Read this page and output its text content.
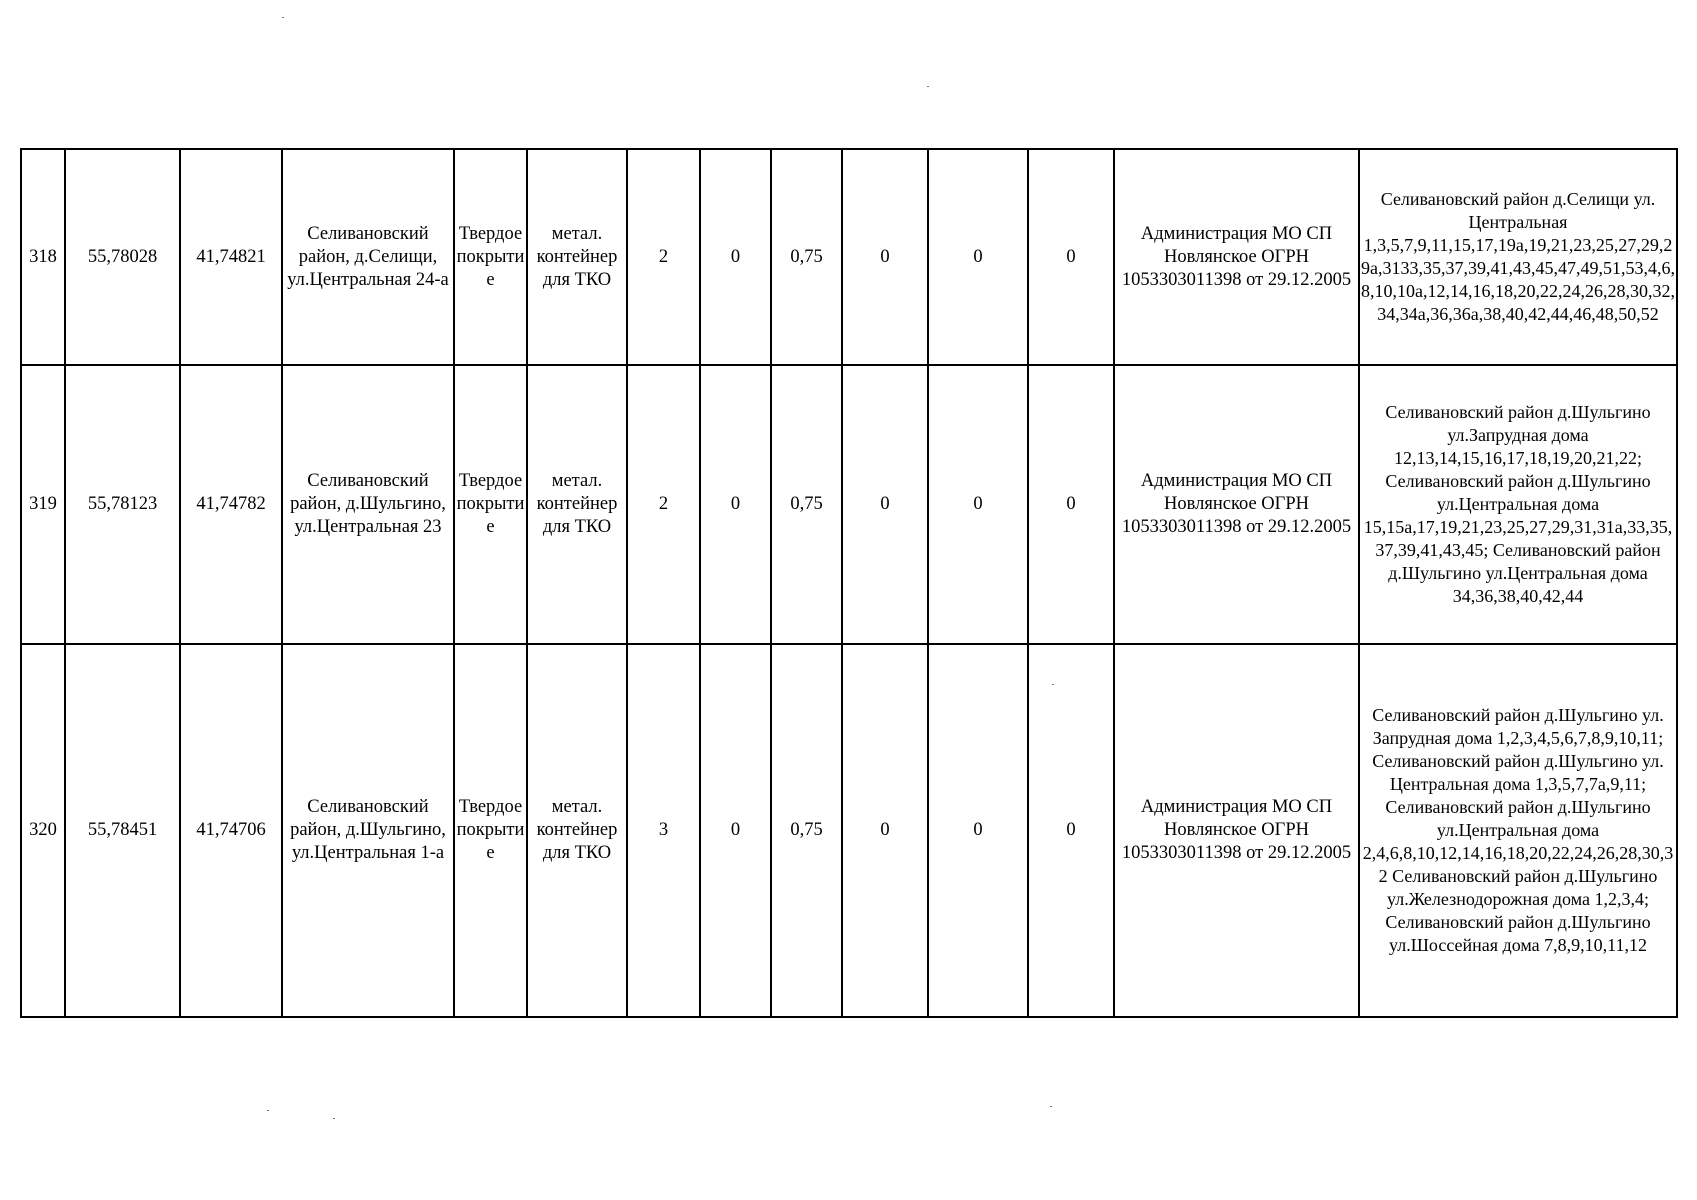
318	55,78028	41,74821	Селивановский район, д.Селищи, ул.Центральная 24-а	Твердое покрытие	метал. контейнер для ТКО	2	0	0,75	0	0	0	Администрация МО СП Новлянское ОГРН 1053303011398 от 29.12.2005	Селивановский район д.Селищи ул. Центральная 1,3,5,7,9,11,15,17,19а,19,21,23,25,27,29,29а,3133,35,37,39,41,43,45,47,49,51,53,4,6,8,10,10а,12,14,16,18,20,22,24,26,28,30,32,34,34а,36,36а,38,40,42,44,46,48,50,52
319	55,78123	41,74782	Селивановский район, д.Шульгино, ул.Центральная 23	Твердое покрытие	метал. контейнер для ТКО	2	0	0,75	0	0	0	Администрация МО СП Новлянское ОГРН 1053303011398 от 29.12.2005	Селивановский район д.Шульгино ул.Запрудная дома 12,13,14,15,16,17,18,19,20,21,22; Селивановский район д.Шульгино ул.Центральная дома 15,15а,17,19,21,23,25,27,29,31,31а,33,35,37,39,41,43,45; Селивановский район д.Шульгино ул.Центральная дома 34,36,38,40,42,44
320	55,78451	41,74706	Селивановский район, д.Шульгино, ул.Центральная 1-а	Твердое покрытие	метал. контейнер для ТКО	3	0	0,75	0	0	0	Администрация МО СП Новлянское ОГРН 1053303011398 от 29.12.2005	Селивановский район д.Шульгино ул. Запрудная дома 1,2,3,4,5,6,7,8,9,10,11; Селивановский район д.Шульгино ул. Центральная дома 1,3,5,7,7а,9,11; Селивановский район д.Шульгино ул.Центральная дома 2,4,6,8,10,12,14,16,18,20,22,24,26,28,30,32 Селивановский район д.Шульгино ул.Железнодорожная дома 1,2,3,4; Селивановский район д.Шульгино ул.Шоссейная дома 7,8,9,10,11,12
